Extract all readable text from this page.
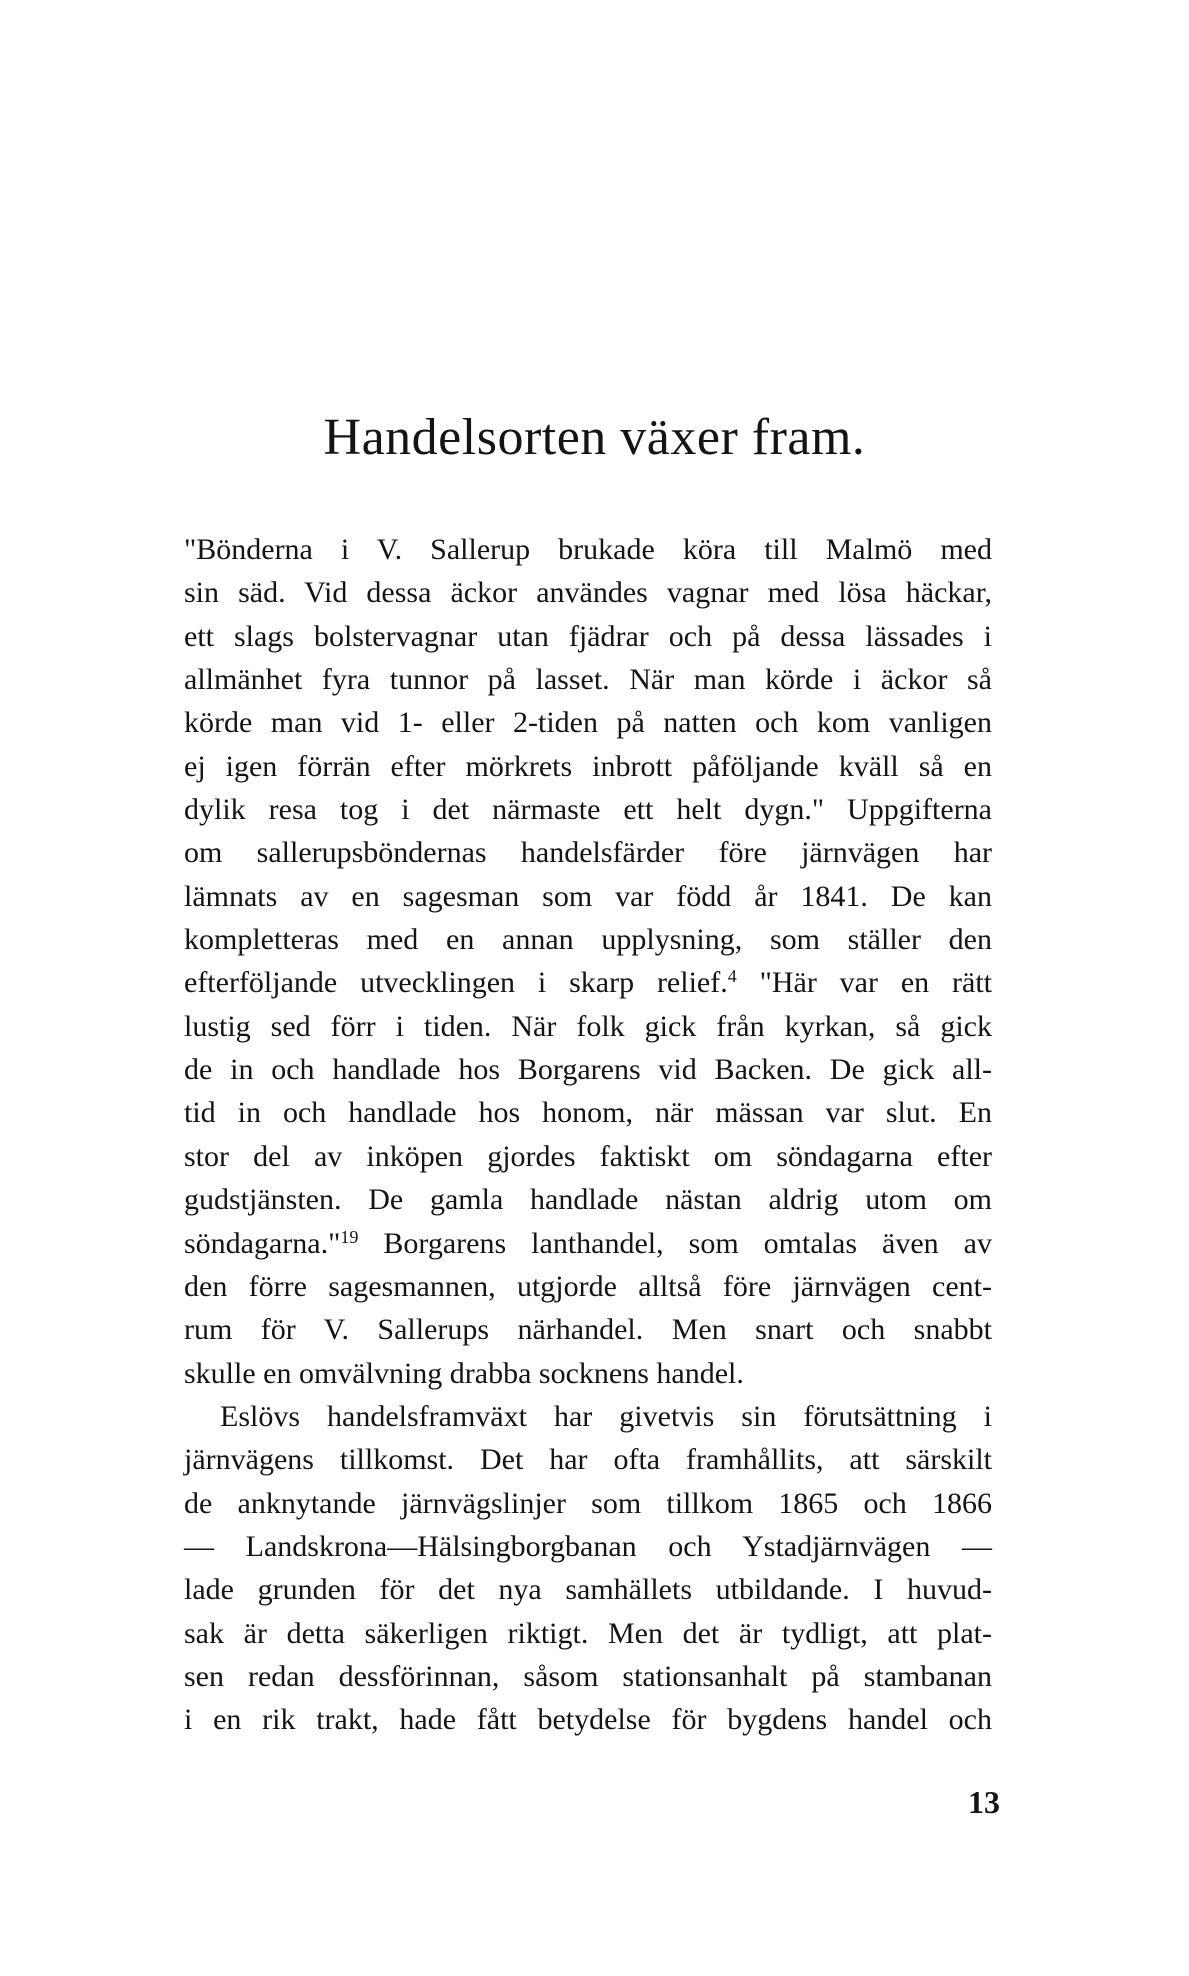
Handelsorten växer fram.
"Bönderna i V. Sallerup brukade köra till Malmö med
sin säd. Vid dessa äckor användes vagnar med lösa häckar,
ett slags bolstervagnar utan fjädrar och på dessa lässades i
allmänhet fyra tunnor på lasset. När man körde i äckor så
körde man vid 1- eller 2-tiden på natten och kom vanligen
ej igen förrän efter mörkrets inbrott påföljande kväll så en
dylik resa tog i det närmaste ett helt dygn." Uppgifterna
om sallerupsböndernas handelsfärder före järnvägen har
lämnats av en sagesman som var född år 1841. De kan
kompletteras med en annan upplysning, som ställer den
efterföljande utvecklingen i skarp relief.$^4$ "Här var en rätt
lustig sed förr i tiden. När folk gick från kyrkan, så gick
de in och handlade hos Borgarens vid Backen. De gick all-
tid in och handlade hos honom, när mässan var slut. En
stor del av inköpen gjordes faktiskt om söndagarna efter
gudstjänsten. De gamla handlade nästan aldrig utom om
söndagarna."$^{19}$ Borgarens lanthandel, som omtalas även av
den förre sagesmannen, utgjorde alltså före järnvägen cent-
rum för V. Sallerups närhandel. Men snart och snabbt
skulle en omvälvning drabba socknens handel.
Eslövs handelsframväxt har givetvis sin förutsättning i
järnvägens tillkomst. Det har ofta framhållits, att särskilt
de anknytande järnvägslinjer som tillkom 1865 och 1866
— Landskrona—Hälsingborgbanan och Ystadjärnvägen —
lade grunden för det nya samhällets utbildande. I huvud-
sak är detta säkerligen riktigt. Men det är tydligt, att plat-
sen redan dessförinnan, såsom stationsanhalt på stambanan
i en rik trakt, hade fått betydelse för bygdens handel och
13
